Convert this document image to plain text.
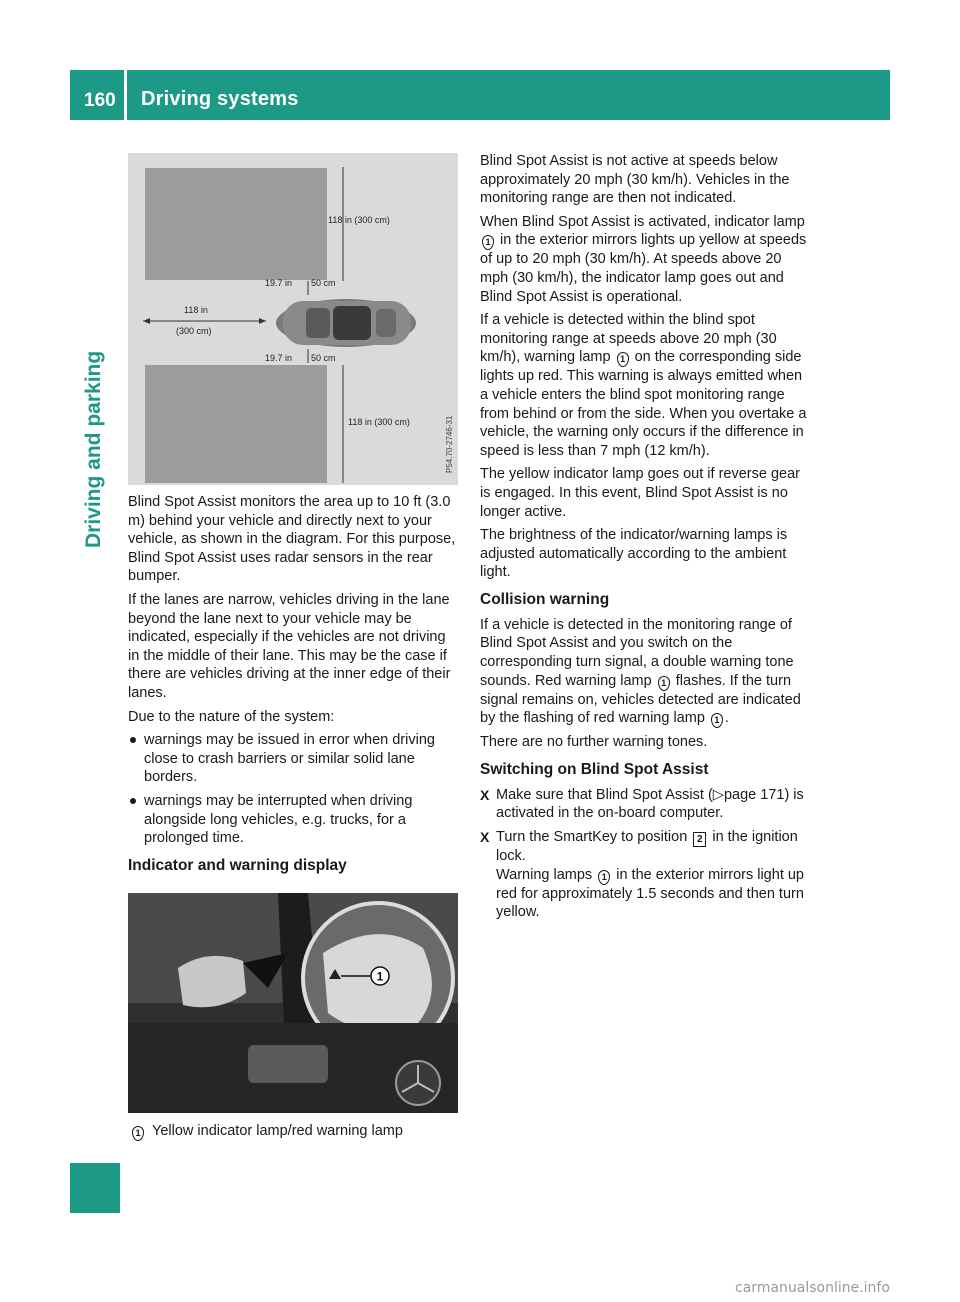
160 Driving systems
Driving and parking
118 in (300 cm)
19.7 in 50 cm
118 in
(300 cm)
19.7 in 50 cm
118 in (300 cm)	P54.70-2746-31

Blind Spot Assist monitors the area up to 10 ft (3.0 m) behind your vehicle and directly next to your vehicle, as shown in the diagram. For this purpose, Blind Spot Assist uses radar sensors in the rear bumper.

If the lanes are narrow, vehicles driving in the lane beyond the lane next to your vehicle may be indicated, especially if the vehicles are not driving in the middle of their lane. This may be the case if there are vehicles driving at the inner edge of their lanes.

Due to the nature of the system:

warnings may be issued in error when driving close to crash barriers or similar solid lane borders.
warnings may be interrupted when driving alongside long vehicles, e.g. trucks, for a prolonged time.
Indicator and warning display
1
1 Yellow indicator lamp/red warning lamp

Blind Spot Assist is not active at speeds below approximately 20 mph (30 km/h). Vehicles in the monitoring range are then not indicated.

When Blind Spot Assist is activated, indicator lamp 1 in the exterior mirrors lights up yellow at speeds of up to 20 mph (30 km/h). At speeds above 20 mph (30 km/h), the indicator lamp goes out and Blind Spot Assist is operational.

If a vehicle is detected within the blind spot monitoring range at speeds above 20 mph (30 km/h), warning lamp 1 on the corresponding side lights up red. This warning is always emitted when a vehicle enters the blind spot monitoring range from behind or from the side. When you overtake a vehicle, the warning only occurs if the difference in speed is less than 7 mph (12 km/h).

The yellow indicator lamp goes out if reverse gear is engaged. In this event, Blind Spot Assist is no longer active.

The brightness of the indicator/warning lamps is adjusted automatically according to the ambient light.

Collision warning

If a vehicle is detected in the monitoring range of Blind Spot Assist and you switch on the corresponding turn signal, a double warning tone sounds. Red warning lamp 1 flashes. If the turn signal remains on, vehicles detected are indicated by the flashing of red warning lamp 1 .

There are no further warning tones.

Switching on Blind Spot Assist
X Make sure that Blind Spot Assist (▷page 171) is activated in the on-board computer.
X Turn the SmartKey to position 2 in the ignition lock.
Warning lamps 1 in the exterior mirrors light up red for approximately 1.5 seconds and then turn yellow.
carmanualsonline.info
